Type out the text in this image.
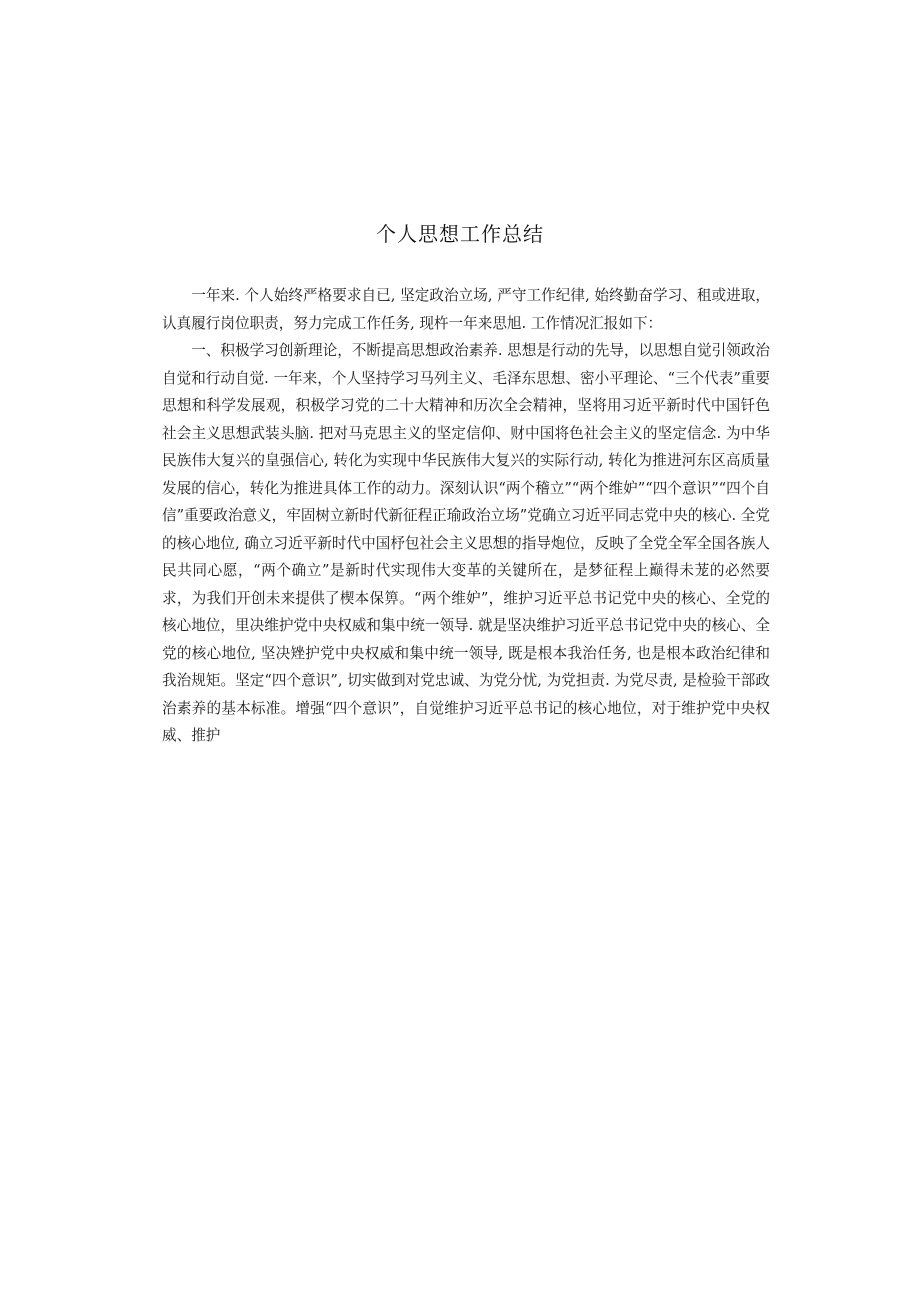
个人思想工作总结

一年来. 个人始终严格要求自已, 坚定政治立场, 严守工作纪律, 始终勤奋学习、租或进取，认真履行岗位职责，努力完成工作任务, 现杵一年来思旭. 工作情况汇报如下：

一、积极学习创新理论，不断提高思想政治素养. 思想是行动的先导，以思想自觉引领政治自觉和行动自觉. 一年来，个人坚持学习马列主义、毛泽东思想、密小平理论、“三个代表”重要思想和科学发展观，积极学习党的二十大精神和历次全会精神，坚将用习近平新时代中国钎色社会主义思想武装头脑. 把对马克思主义的坚定信仰、财中国将色社会主义的坚定信念. 为中华民族伟大复兴的皇强信心, 转化为实现中华民族伟大复兴的实际行动, 转化为推进河东区高质量发展的信心，转化为推进具体工作的动力。深刻认识“两个稽立”“两个维妒”“四个意识”“四个自信”重要政治意义，牢固树立新时代新征程正瑜政治立场”党确立习近平同志党中央的核心. 全党的核心地位, 确立习近平新时代中国杼包社会主义思想的指导炮位，反映了全党全军全国各族人民共同心愿，“两个确立”是新时代实现伟大变革的关键所在，是梦征程上巅得未茏的必然要求，为我们开创未来提供了楔本保箅。“两个维妒”，维护习近平总书记党中央的核心、全党的核心地位，里决维护党中央权威和集中统一领导. 就是坚决维护习近平总书记党中央的核心、全党的核心地位, 坚决矬护党中央权威和集中统一领导, 既是根本我治任务, 也是根本政治纪律和我治规矩。坚定“四个意识”, 切实做到对党忠诚、为党分忧, 为党担责. 为党尽责, 是检验干部政治素养的基本标准。增强“四个意识”，自觉维护习近平总书记的核心地位，对于维护党中央权威、推护
